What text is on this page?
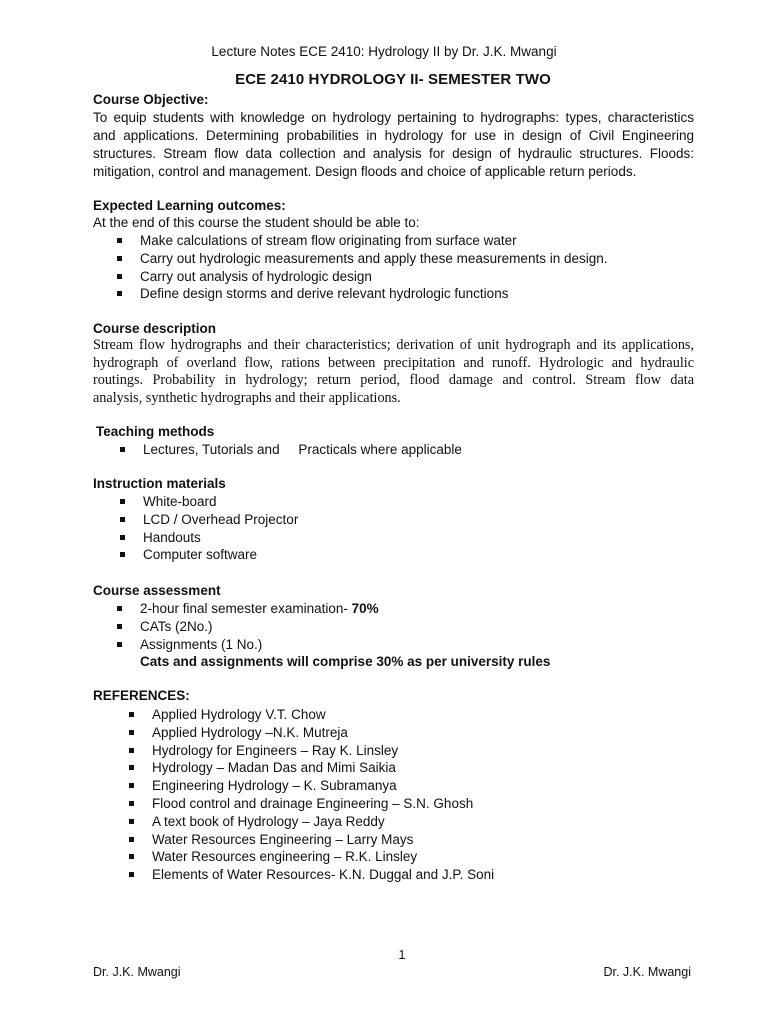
Lecture Notes ECE 2410: Hydrology II by Dr. J.K. Mwangi
ECE 2410 HYDROLOGY II- SEMESTER TWO
Course Objective:
To equip students with knowledge on hydrology pertaining to hydrographs: types, characteristics
and applications. Determining probabilities in hydrology for use in design of Civil Engineering
structures. Stream flow data collection and analysis for design of hydraulic structures. Floods:
mitigation, control and management. Design floods and choice of applicable return periods.
Expected Learning outcomes:
At the end of this course the student should be able to:
Make calculations of stream flow originating from surface water
Carry out hydrologic measurements and apply these measurements in design.
Carry out analysis of hydrologic design
Define design storms and derive relevant hydrologic functions
Course description
Stream flow hydrographs and their characteristics; derivation of unit hydrograph and its applications,
hydrograph of overland flow, rations between precipitation and runoff. Hydrologic and hydraulic
routings. Probability in hydrology; return period, flood damage and control. Stream flow data
analysis, synthetic hydrographs and their applications.
Teaching methods
Lectures, Tutorials and     Practicals where applicable
Instruction materials
White-board
LCD / Overhead Projector
Handouts
Computer software
Course assessment
2-hour final semester examination- 70%
CATs (2No.)
Assignments (1 No.)
Cats and assignments will comprise 30% as per university rules
REFERENCES:
Applied Hydrology V.T. Chow
Applied Hydrology –N.K. Mutreja
Hydrology for Engineers – Ray K. Linsley
Hydrology – Madan Das and Mimi Saikia
Engineering Hydrology – K. Subramanya
Flood control and drainage Engineering – S.N. Ghosh
A text book of Hydrology – Jaya Reddy
Water Resources Engineering – Larry Mays
Water Resources engineering – R.K. Linsley
Elements of Water Resources- K.N. Duggal and J.P. Soni
1
Dr. J.K. Mwangi	Dr. J.K. Mwangi
